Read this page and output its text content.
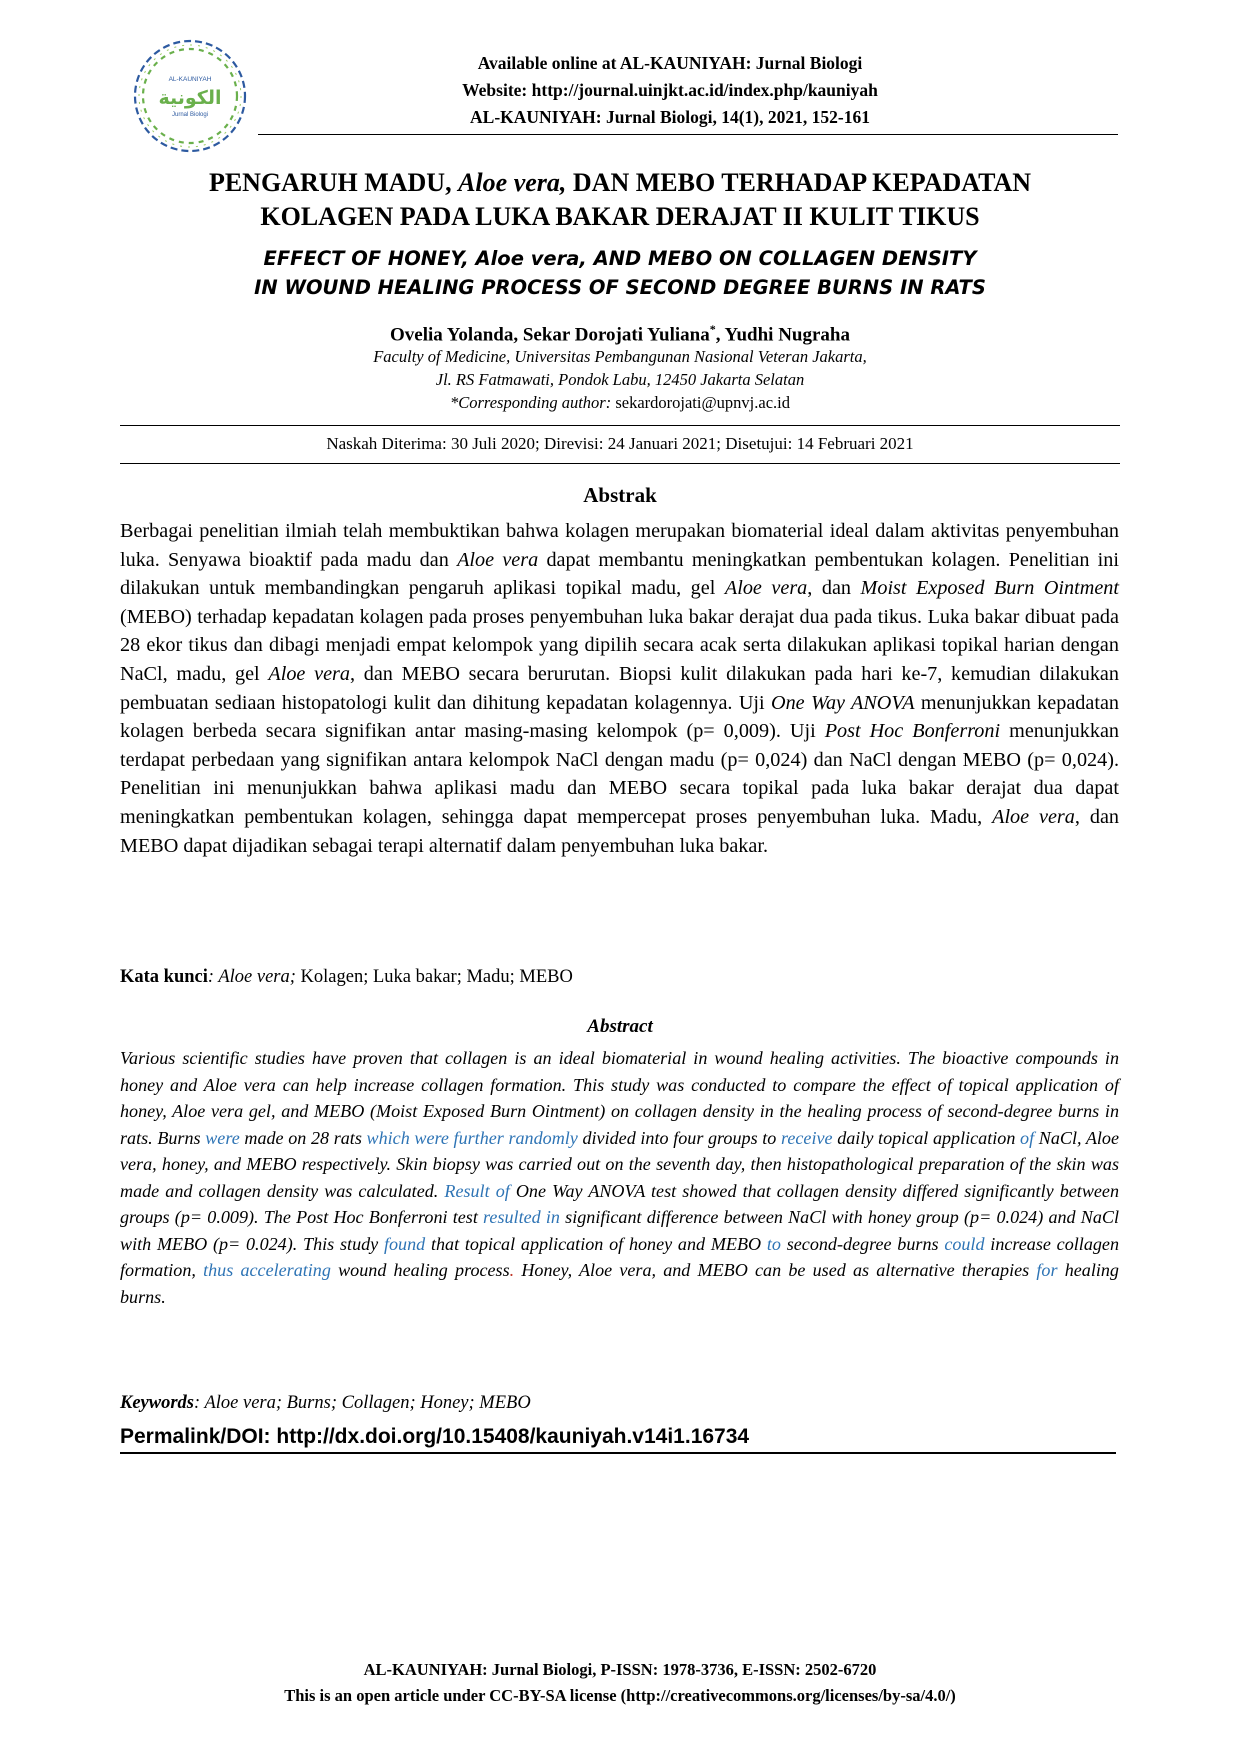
AL-KAUNIYAH
الكونية
Jurnal Biologi
Available online at AL-KAUNIYAH: Jurnal Biologi
Website: http://journal.uinjkt.ac.id/index.php/kauniyah
AL-KAUNIYAH: Jurnal Biologi, 14(1), 2021, 152-161
PENGARUH MADU, Aloe vera, DAN MEBO TERHADAP KEPADATAN
KOLAGEN PADA LUKA BAKAR DERAJAT II KULIT TIKUS
EFFECT OF HONEY, Aloe vera, AND MEBO ON COLLAGEN DENSITY
IN WOUND HEALING PROCESS OF SECOND DEGREE BURNS IN RATS
Ovelia Yolanda, Sekar Dorojati Yuliana*, Yudhi Nugraha
Faculty of Medicine, Universitas Pembangunan Nasional Veteran Jakarta,
Jl. RS Fatmawati, Pondok Labu, 12450 Jakarta Selatan
*Corresponding author: sekardorojati@upnvj.ac.id
Naskah Diterima: 30 Juli 2020; Direvisi: 24 Januari 2021; Disetujui: 14 Februari 2021
Abstrak

Berbagai penelitian ilmiah telah membuktikan bahwa kolagen merupakan biomaterial ideal dalam aktivitas penyembuhan luka. Senyawa bioaktif pada madu dan Aloe vera dapat membantu meningkatkan pembentukan kolagen. Penelitian ini dilakukan untuk membandingkan pengaruh aplikasi topikal madu, gel Aloe vera, dan Moist Exposed Burn Ointment (MEBO) terhadap kepadatan kolagen pada proses penyembuhan luka bakar derajat dua pada tikus. Luka bakar dibuat pada 28 ekor tikus dan dibagi menjadi empat kelompok yang dipilih secara acak serta dilakukan aplikasi topikal harian dengan NaCl, madu, gel Aloe vera, dan MEBO secara berurutan. Biopsi kulit dilakukan pada hari ke-7, kemudian dilakukan pembuatan sediaan histopatologi kulit dan dihitung kepadatan kolagennya. Uji One Way ANOVA menunjukkan kepadatan kolagen berbeda secara signifikan antar masing-masing kelompok (p= 0,009). Uji Post Hoc Bonferroni menunjukkan terdapat perbedaan yang signifikan antara kelompok NaCl dengan madu (p= 0,024) dan NaCl dengan MEBO (p= 0,024). Penelitian ini menunjukkan bahwa aplikasi madu dan MEBO secara topikal pada luka bakar derajat dua dapat meningkatkan pembentukan kolagen, sehingga dapat mempercepat proses penyembuhan luka. Madu, Aloe vera, dan MEBO dapat dijadikan sebagai terapi alternatif dalam penyembuhan luka bakar.

Kata kunci: Aloe vera; Kolagen; Luka bakar; Madu; MEBO
Abstract

Various scientific studies have proven that collagen is an ideal biomaterial in wound healing activities. The bioactive compounds in honey and Aloe vera can help increase collagen formation. This study was conducted to compare the effect of topical application of honey, Aloe vera gel, and MEBO (Moist Exposed Burn Ointment) on collagen density in the healing process of second-degree burns in rats. Burns were made on 28 rats which were further randomly divided into four groups to receive daily topical application of NaCl, Aloe vera, honey, and MEBO respectively. Skin biopsy was carried out on the seventh day, then histopathological preparation of the skin was made and collagen density was calculated. Result of One Way ANOVA test showed that collagen density differed significantly between groups (p= 0.009). The Post Hoc Bonferroni test resulted in significant difference between NaCl with honey group (p= 0.024) and NaCl with MEBO (p= 0.024). This study found that topical application of honey and MEBO to second-degree burns could increase collagen formation, thus accelerating wound healing process. Honey, Aloe vera, and MEBO can be used as alternative therapies for healing burns.

Keywords: Aloe vera; Burns; Collagen; Honey; MEBO
Permalink/DOI: http://dx.doi.org/10.15408/kauniyah.v14i1.16734
AL-KAUNIYAH: Jurnal Biologi, P-ISSN: 1978-3736, E-ISSN: 2502-6720
This is an open article under CC-BY-SA license (http://creativecommons.org/licenses/by-sa/4.0/)
